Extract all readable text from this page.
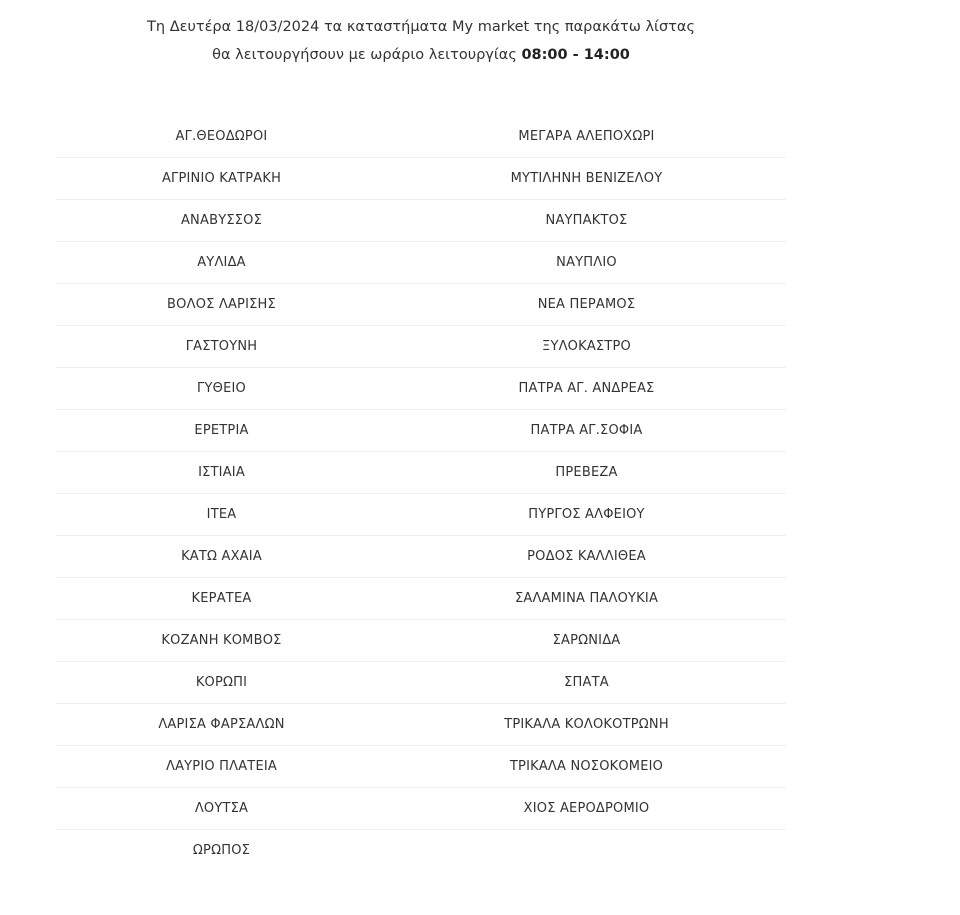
Τη Δευτέρα 18/03/2024 τα καταστήματα My market της παρακάτω λίστας
θα λειτουργήσουν με ωράριο λειτουργίας 08:00 - 14:00
ΑΓ.ΘΕΟΔΩΡΟΙ	ΜΕΓΑΡΑ ΑΛΕΠΟΧΩΡΙ
ΑΓΡΙΝΙΟ ΚΑΤΡΑΚΗ	ΜΥΤΙΛΗΝΗ ΒΕΝΙΖΕΛΟΥ
ΑΝΑΒΥΣΣΟΣ	ΝΑΥΠΑΚΤΟΣ
ΑΥΛΙΔΑ	ΝΑΥΠΛΙΟ
ΒΟΛΟΣ ΛΑΡΙΣΗΣ	ΝΕΑ ΠΕΡΑΜΟΣ
ΓΑΣΤΟΥΝΗ	ΞΥΛΟΚΑΣΤΡΟ
ΓΥΘΕΙΟ	ΠΑΤΡΑ ΑΓ. ΑΝΔΡΕΑΣ
ΕΡΕΤΡΙΑ	ΠΑΤΡΑ ΑΓ.ΣΟΦΙΑ
ΙΣΤΙΑΙΑ	ΠΡΕΒΕΖΑ
ΙΤΕΑ	ΠΥΡΓΟΣ ΑΛΦΕΙΟΥ
ΚΑΤΩ ΑΧΑΙΑ	ΡΟΔΟΣ ΚΑΛΛΙΘΕΑ
ΚΕΡΑΤΕΑ	ΣΑΛΑΜΙΝΑ ΠΑΛΟΥΚΙΑ
ΚΟΖΑΝΗ ΚΟΜΒΟΣ	ΣΑΡΩΝΙΔΑ
ΚΟΡΩΠΙ	ΣΠΑΤΑ
ΛΑΡΙΣΑ ΦΑΡΣΑΛΩΝ	ΤΡΙΚΑΛΑ ΚΟΛΟΚΟΤΡΩΝΗ
ΛΑΥΡΙΟ ΠΛΑΤΕΙΑ	ΤΡΙΚΑΛΑ ΝΟΣΟΚΟΜΕΙΟ
ΛΟΥΤΣΑ	ΧΙΟΣ ΑΕΡΟΔΡΟΜΙΟ
ΩΡΩΠΟΣ	
